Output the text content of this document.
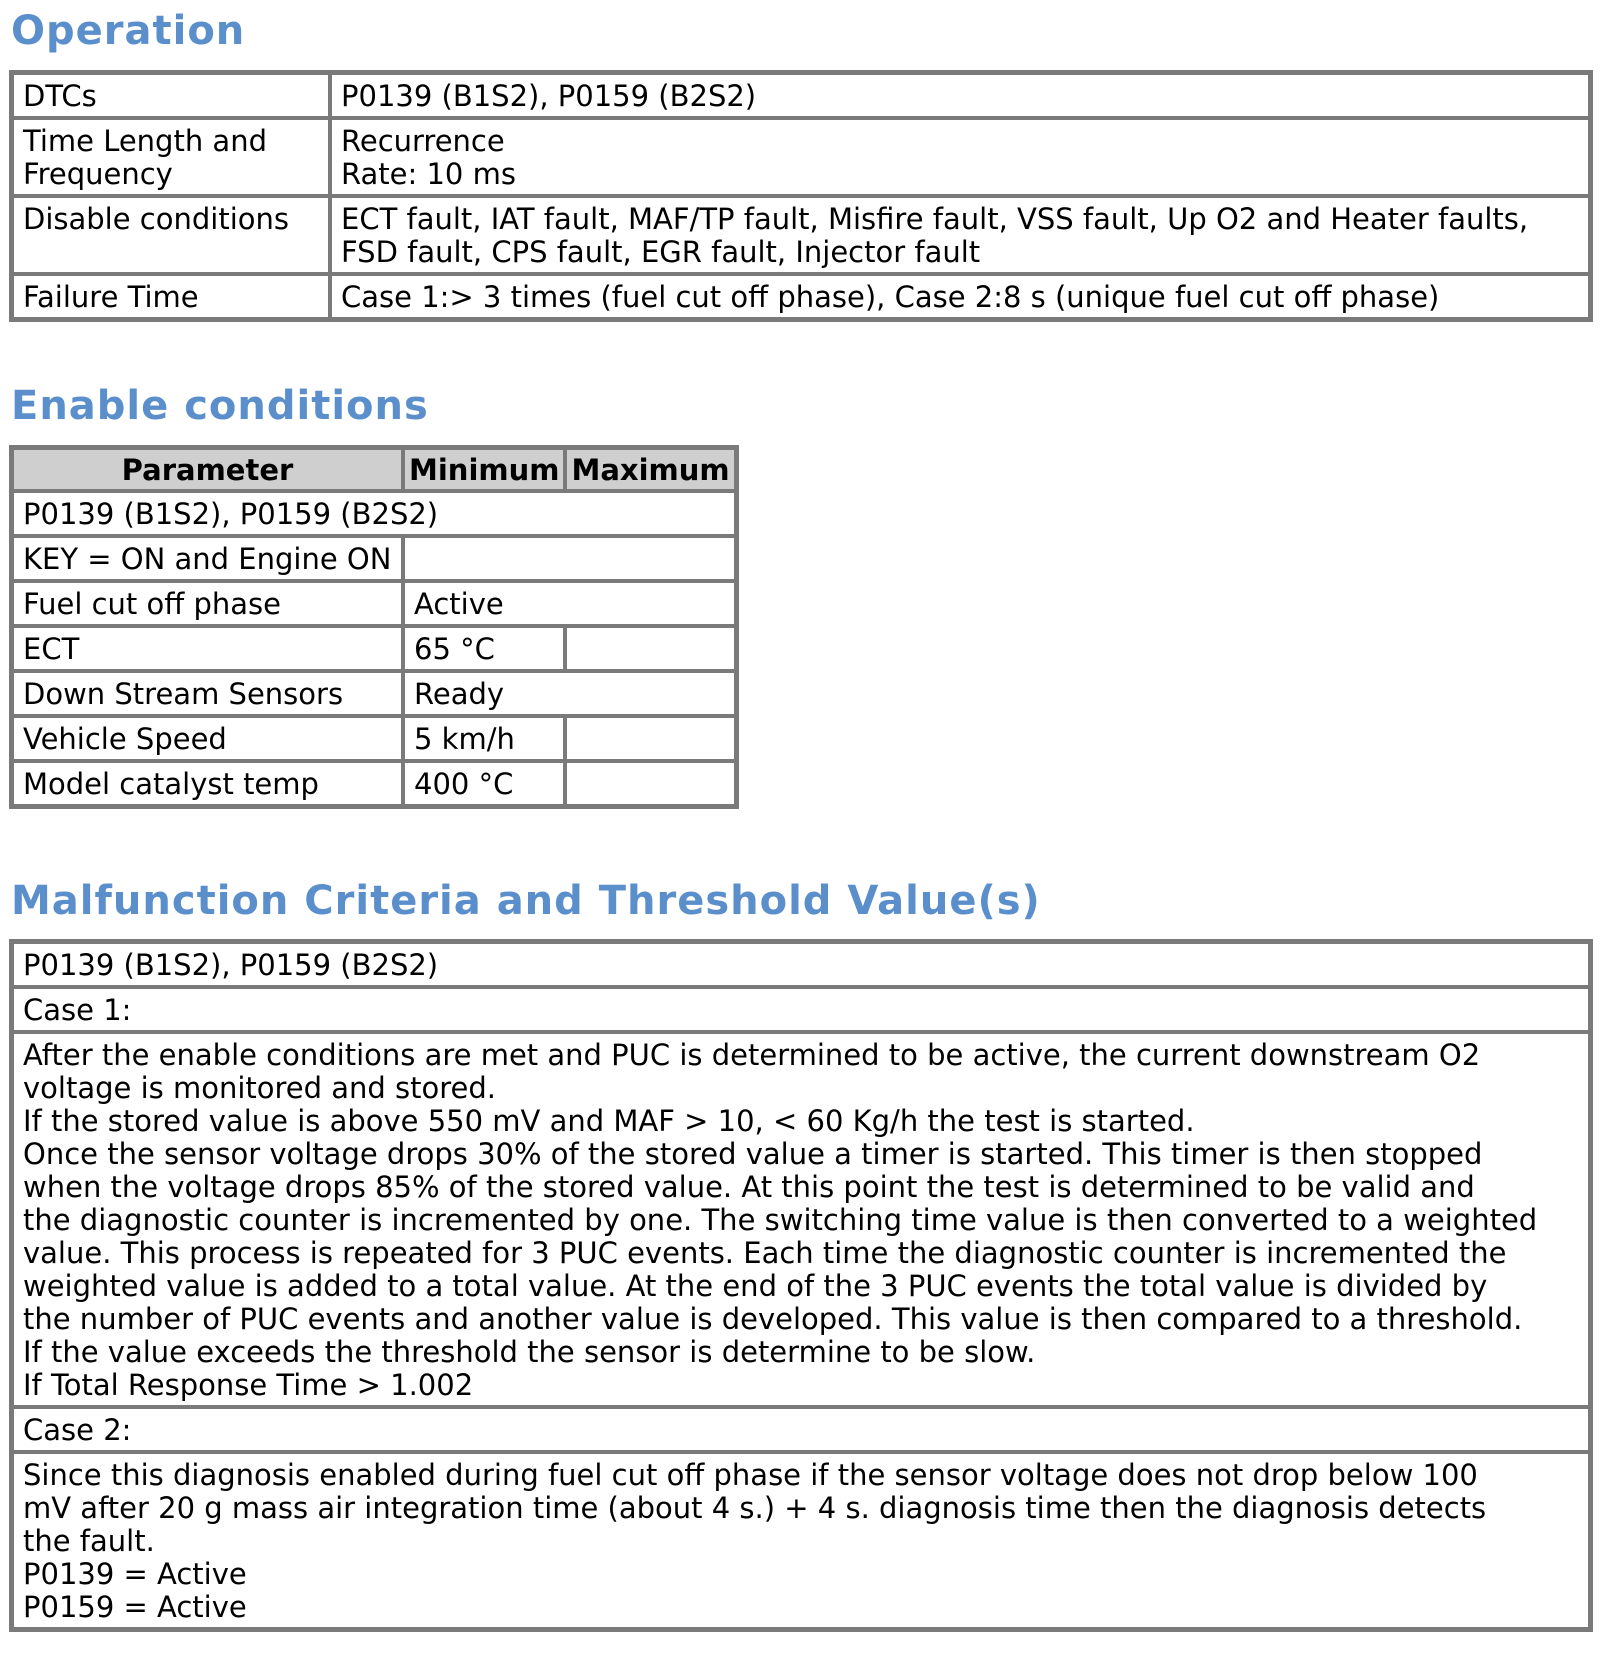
Operation
DTCs	P0139 (B1S2), P0159 (B2S2)

Time Length and
Frequency	Recurrence
Rate: 10 ms

Disable conditions	ECT fault, IAT fault, MAF/TP fault, Misfire fault, VSS fault, Up O2 and Heater faults,
FSD fault, CPS fault, EGR fault, Injector fault

Failure Time	Case 1:> 3 times (fuel cut off phase), Case 2:8 s (unique fuel cut off phase)
Enable conditions
Parameter	Minimum	Maximum
P0139 (B1S2), P0159 (B2S2)		
KEY = ON and Engine ON		
Fuel cut off phase	Active	
ECT	65 °C	
Down Stream Sensors	Ready	
Vehicle Speed	5 km/h	
Model catalyst temp	400 °C	
Malfunction Criteria and Threshold Value(s)
P0139 (B1S2), P0159 (B2S2)
Case 1:

After the enable conditions are met and PUC is determined to be active, the current downstream O2
voltage is monitored and stored.
If the stored value is above 550 mV and MAF > 10, < 60 Kg/h the test is started.
Once the sensor voltage drops 30% of the stored value a timer is started. This timer is then stopped
when the voltage drops 85% of the stored value. At this point the test is determined to be valid and
the diagnostic counter is incremented by one. The switching time value is then converted to a weighted
value. This process is repeated for 3 PUC events. Each time the diagnostic counter is incremented the
weighted value is added to a total value. At the end of the 3 PUC events the total value is divided by
the number of PUC events and another value is developed. This value is then compared to a threshold.
If the value exceeds the threshold the sensor is determine to be slow.
If Total Response Time > 1.002

Case 2:

Since this diagnosis enabled during fuel cut off phase if the sensor voltage does not drop below 100
mV after 20 g mass air integration time (about 4 s.) + 4 s. diagnosis time then the diagnosis detects
the fault.
P0139 = Active
P0159 = Active
